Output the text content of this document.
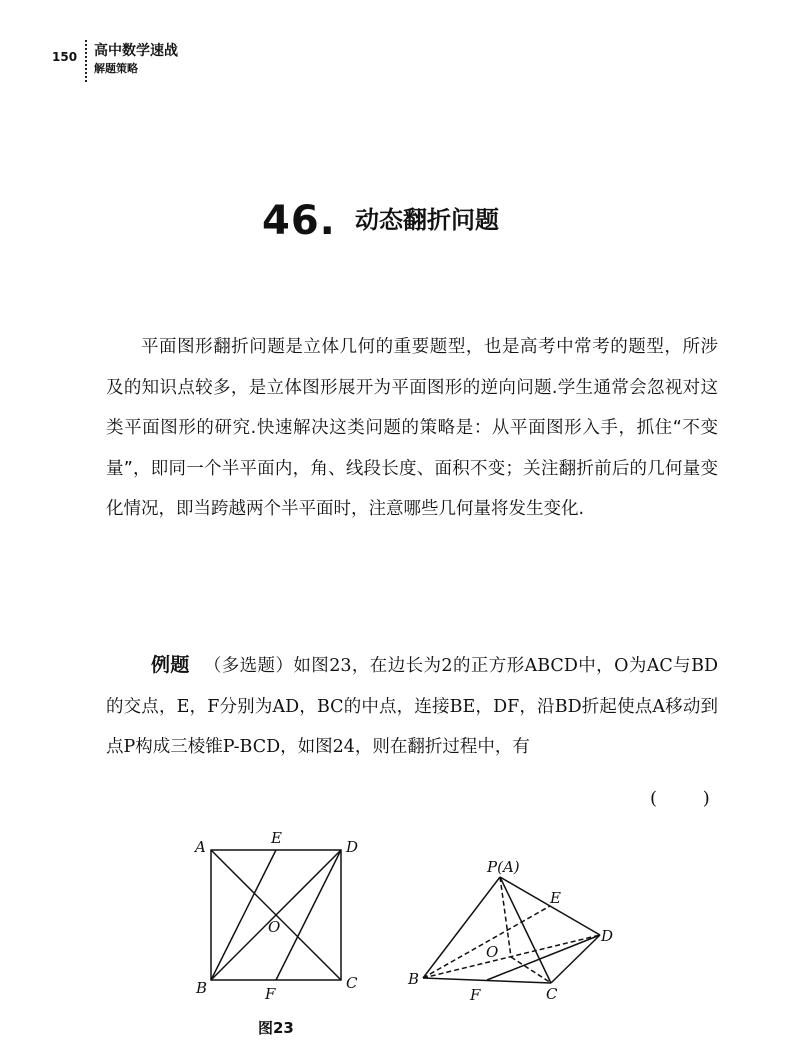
150 高中数学速战
解题策略
46. 动态翻折问题

平面图形翻折问题是立体几何的重要题型，也是高考中常考的题型，所涉及的知识点较多，是立体图形展开为平面图形的逆向问题.学生通常会忽视对这类平面图形的研究.快速解决这类问题的策略是：从平面图形入手，抓住“不变量”，即同一个半平面内，角、线段长度、面积不变；关注翻折前后的几何量变化情况，即当跨越两个半平面时，注意哪些几何量将发生变化.

例题 （多选题）如图23，在边长为2的正方形ABCD中，O为AC与BD的交点，E，F分别为AD，BC的中点，连接BE，DF，沿BD折起使点A移动到点P构成三棱锥P-BCD，如图24，则在翻折过程中，有

(        )
A	E	D
O
B	F
C
P(A)
E
D
O
B
F	C
图23
